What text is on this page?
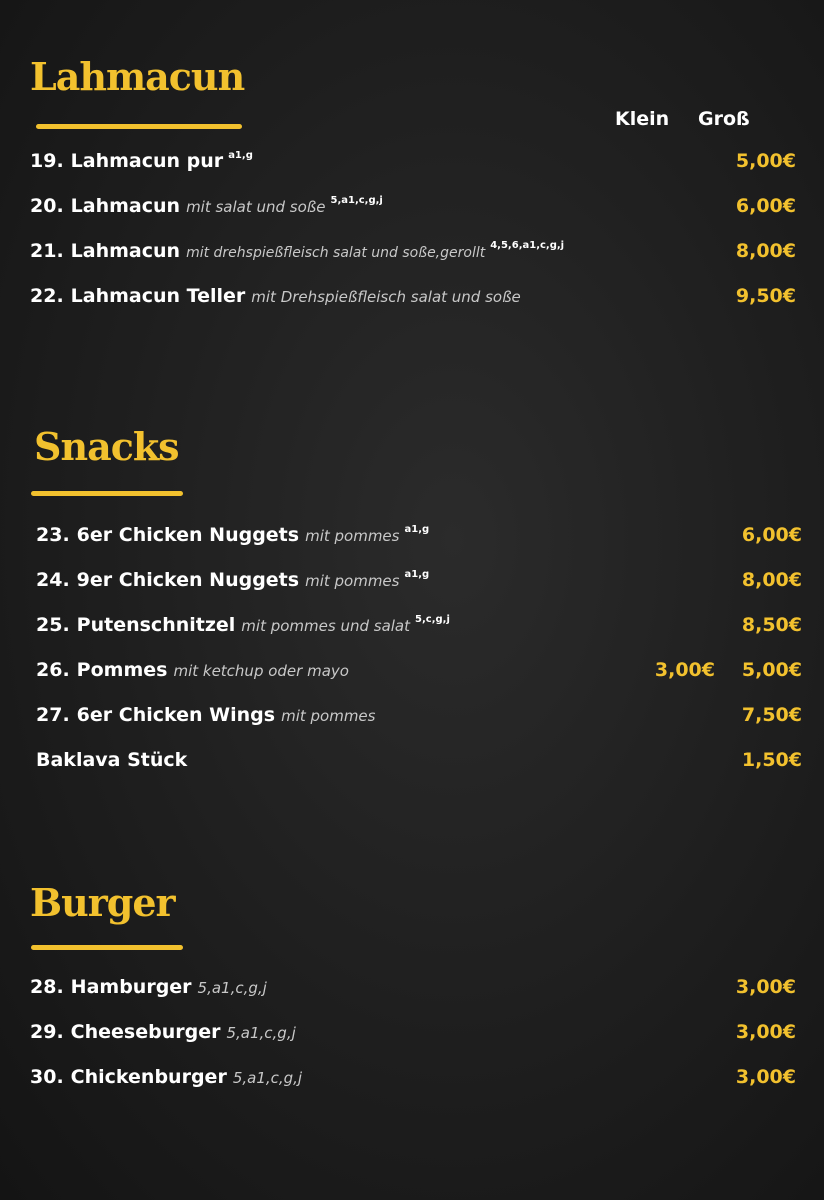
Lahmacun
Klein Groß
19. Lahmacun pur a1,g	5,00€
20. Lahmacun mit salat und soße 5,a1,c,g,j	6,00€
21. Lahmacun mit drehspießfleisch salat und soße,gerollt 4,5,6,a1,c,g,j	8,00€
22. Lahmacun Teller mit Drehspießfleisch salat und soße	9,50€
Snacks
23. 6er Chicken Nuggets mit pommes a1,g	6,00€
24. 9er Chicken Nuggets mit pommes a1,g	8,00€
25. Putenschnitzel mit pommes und salat 5,c,g,j	8,50€
26. Pommes mit ketchup oder mayo	3,00€ 5,00€
27. 6er Chicken Wings mit pommes	7,50€
Baklava Stück	1,50€
Burger
28. Hamburger 5,a1,c,g,j	3,00€
29. Cheeseburger 5,a1,c,g,j	3,00€
30. Chickenburger 5,a1,c,g,j	3,00€
